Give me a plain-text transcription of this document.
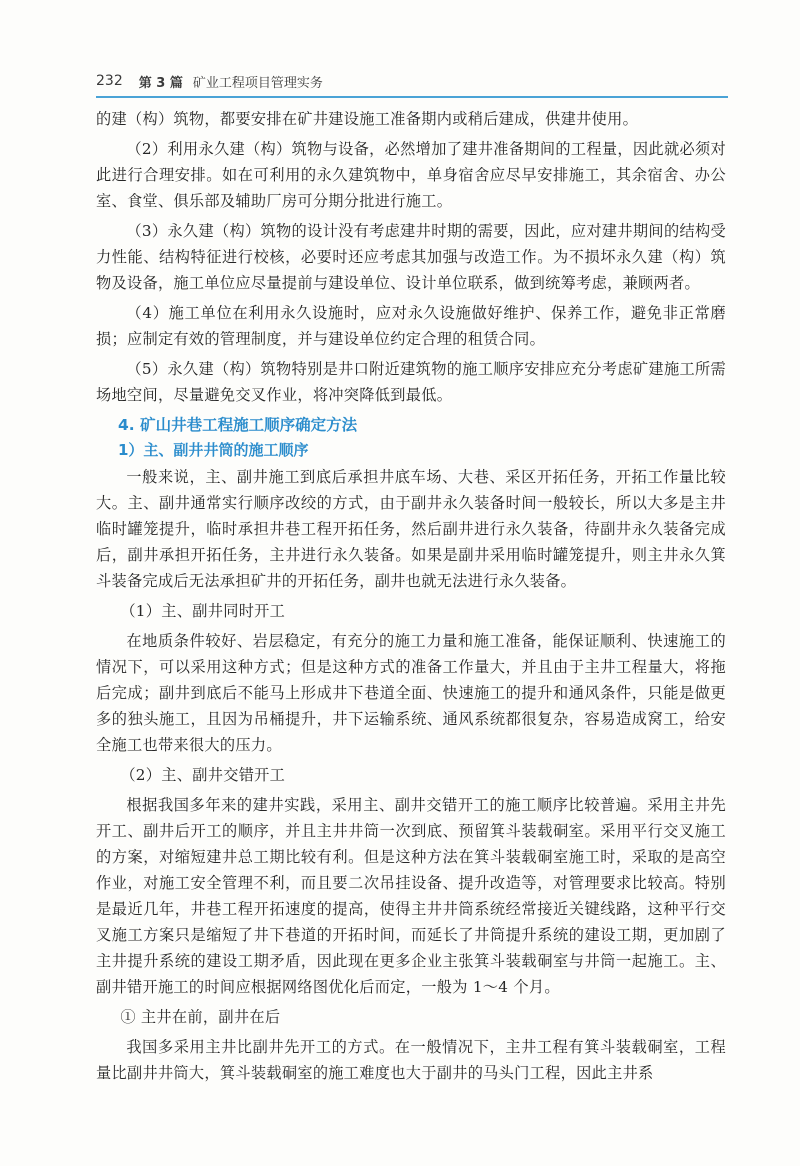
232 第 3 篇 矿业工程项目管理实务

的建（构）筑物，都要安排在矿井建设施工准备期内或稍后建成，供建井使用。

（2）利用永久建（构）筑物与设备，必然增加了建井准备期间的工程量，因此就必须对此进行合理安排。如在可利用的永久建筑物中，单身宿舍应尽早安排施工，其余宿舍、办公室、食堂、俱乐部及辅助厂房可分期分批进行施工。

（3）永久建（构）筑物的设计没有考虑建井时期的需要，因此，应对建井期间的结构受力性能、结构特征进行校核，必要时还应考虑其加强与改造工作。为不损坏永久建（构）筑物及设备，施工单位应尽量提前与建设单位、设计单位联系，做到统筹考虑，兼顾两者。

（4）施工单位在利用永久设施时，应对永久设施做好维护、保养工作，避免非正常磨损；应制定有效的管理制度，并与建设单位约定合理的租赁合同。

（5）永久建（构）筑物特别是井口附近建筑物的施工顺序安排应充分考虑矿建施工所需场地空间，尽量避免交叉作业，将冲突降低到最低。

4. 矿山井巷工程施工顺序确定方法
1）主、副井井筒的施工顺序

一般来说，主、副井施工到底后承担井底车场、大巷、采区开拓任务，开拓工作量比较大。主、副井通常实行顺序改绞的方式，由于副井永久装备时间一般较长，所以大多是主井临时罐笼提升，临时承担井巷工程开拓任务，然后副井进行永久装备，待副井永久装备完成后，副井承担开拓任务，主井进行永久装备。如果是副井采用临时罐笼提升，则主井永久箕斗装备完成后无法承担矿井的开拓任务，副井也就无法进行永久装备。

（1）主、副井同时开工

在地质条件较好、岩层稳定，有充分的施工力量和施工准备，能保证顺利、快速施工的情况下，可以采用这种方式；但是这种方式的准备工作量大，并且由于主井工程量大，将拖后完成；副井到底后不能马上形成井下巷道全面、快速施工的提升和通风条件，只能是做更多的独头施工，且因为吊桶提升，井下运输系统、通风系统都很复杂，容易造成窝工，给安全施工也带来很大的压力。

（2）主、副井交错开工

根据我国多年来的建井实践，采用主、副井交错开工的施工顺序比较普遍。采用主井先开工、副井后开工的顺序，并且主井井筒一次到底、预留箕斗装载硐室。采用平行交叉施工的方案，对缩短建井总工期比较有利。但是这种方法在箕斗装载硐室施工时，采取的是高空作业，对施工安全管理不利，而且要二次吊挂设备、提升改造等，对管理要求比较高。特别是最近几年，井巷工程开拓速度的提高，使得主井井筒系统经常接近关键线路，这种平行交叉施工方案只是缩短了井下巷道的开拓时间，而延长了井筒提升系统的建设工期，更加剧了主井提升系统的建设工期矛盾，因此现在更多企业主张箕斗装载硐室与井筒一起施工。主、副井错开施工的时间应根据网络图优化后而定，一般为 1～4 个月。

① 主井在前，副井在后

我国多采用主井比副井先开工的方式。在一般情况下，主井工程有箕斗装载硐室，工程量比副井井筒大，箕斗装载硐室的施工难度也大于副井的马头门工程，因此主井系
